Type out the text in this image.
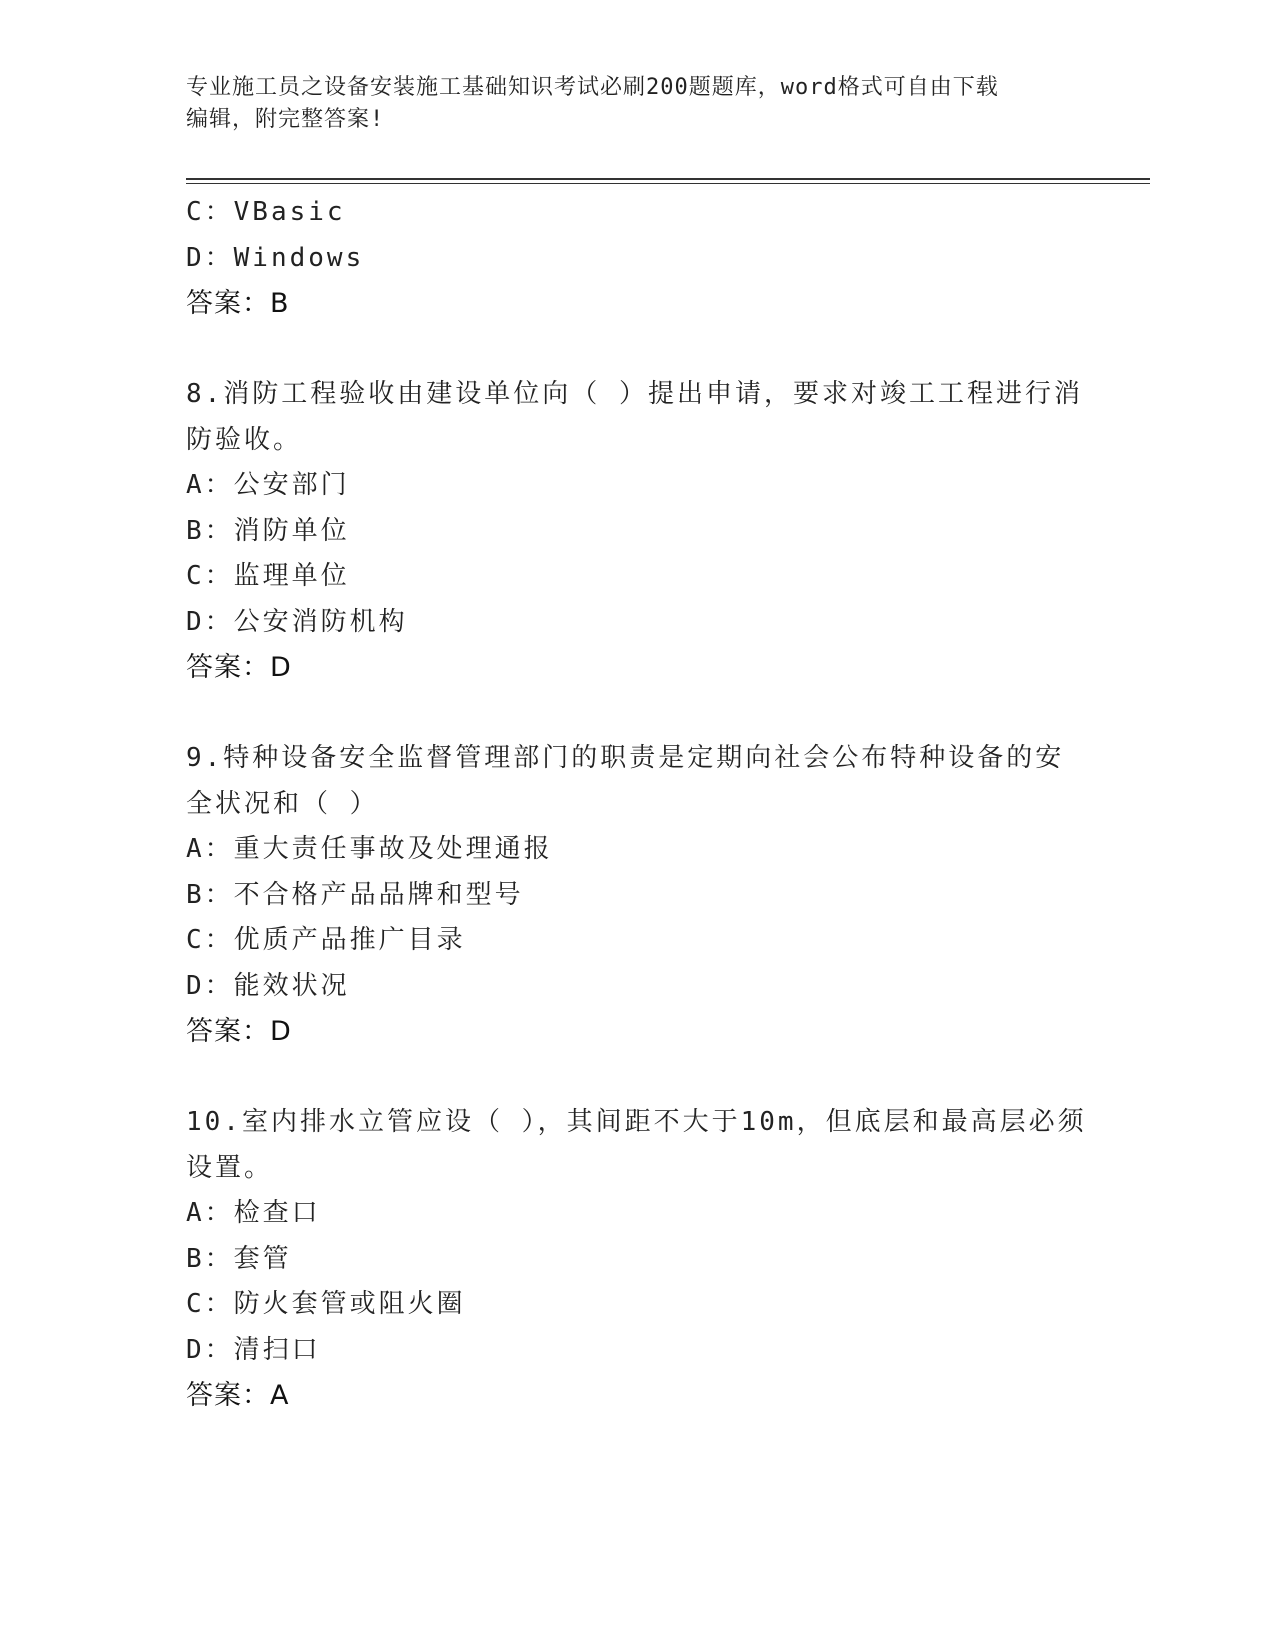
专业施工员之设备安装施工基础知识考试必刷200题题库，word格式可自由下载
编辑，附完整答案!
C：VBasic
D：Windows
答案：B
8.消防工程验收由建设单位向（ ）提出申请，要求对竣工工程进行消
防验收。
A：公安部门
B：消防单位
C：监理单位
D：公安消防机构
答案：D
9.特种设备安全监督管理部门的职责是定期向社会公布特种设备的安
全状况和（ ）
A：重大责任事故及处理通报
B：不合格产品品牌和型号
C：优质产品推广目录
D：能效状况
答案：D
10.室内排水立管应设（ ），其间距不大于10m，但底层和最高层必须
设置。
A：检查口
B：套管
C：防火套管或阻火圈
D：清扫口
答案：A
